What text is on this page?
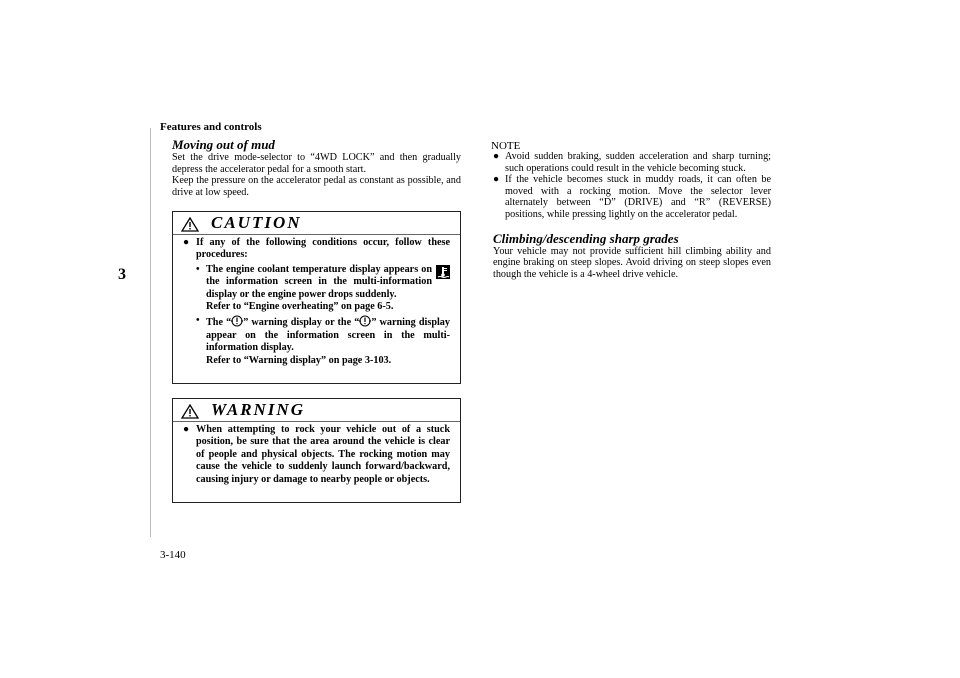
Features and controls
3
Moving out of mud

Set the drive mode-selector to “4WD LOCK” and then gradually depress the accelerator pedal for a smooth start.

Keep the pressure on the accelerator pedal as constant as possible, and drive at low speed.

CAUTION
● If any of the following conditions occur, follow these procedures:
• The engine coolant temperature display appears on the information screen in the multi-information display or the engine power drops suddenly.
Refer to “Engine overheating” on page 6-5.
• The “ ” warning display or the “ ” warning display appear on the information screen in the multi-information display.
Refer to “Warning display” on page 3-103.
WARNING
● When attempting to rock your vehicle out of a stuck position, be sure that the area around the vehicle is clear of people and physical objects. The rocking motion may cause the vehicle to suddenly launch forward/backward, causing injury or damage to nearby people or objects.
NOTE
● Avoid sudden braking, sudden acceleration and sharp turning; such operations could result in the vehicle becoming stuck.
● If the vehicle becomes stuck in muddy roads, it can often be moved with a rocking motion. Move the selector lever alternately between “D” (DRIVE) and “R” (REVERSE) positions, while pressing lightly on the accelerator pedal.
Climbing/descending sharp grades

Your vehicle may not provide sufficient hill climbing ability and engine braking on steep slopes. Avoid driving on steep slopes even though the vehicle is a 4-wheel drive vehicle.

3-140
